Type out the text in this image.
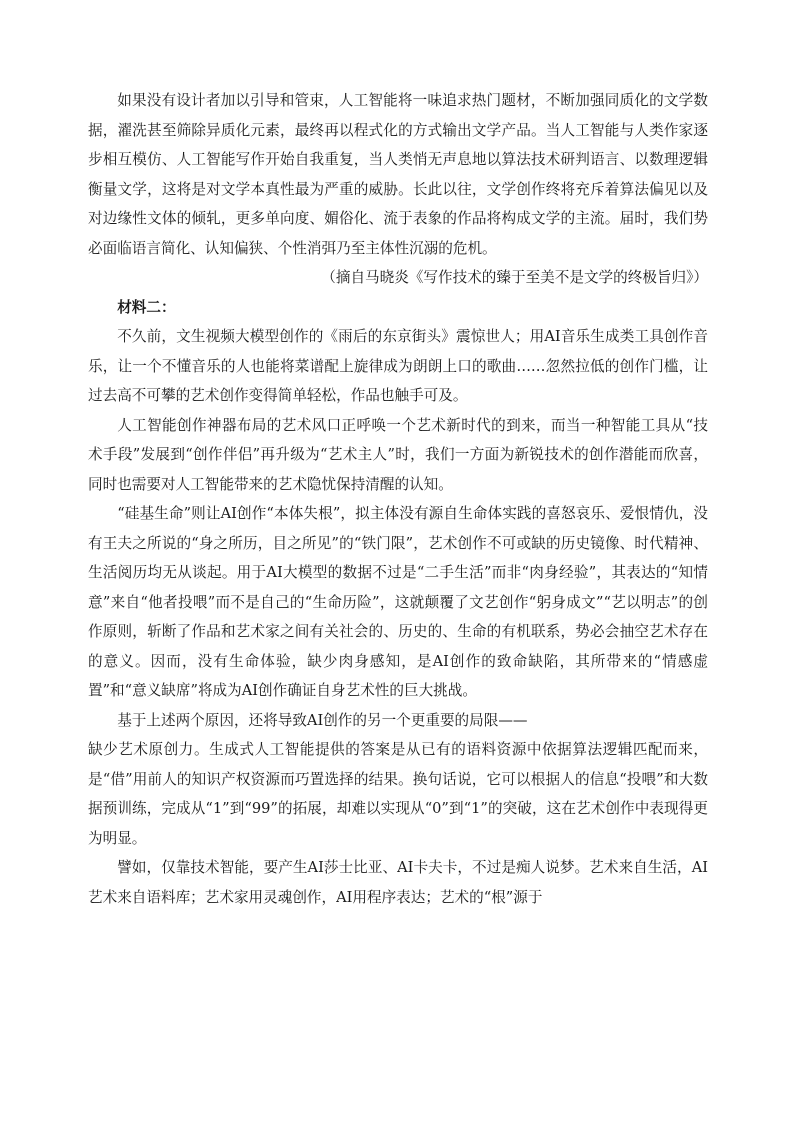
如果没有设计者加以引导和管束，人工智能将一味追求热门题材，不断加强同质化的文学数据，濯洗甚至筛除异质化元素，最终再以程式化的方式输出文学产品。当人工智能与人类作家逐步相互模仿、人工智能写作开始自我重复，当人类悄无声息地以算法技术研判语言、以数理逻辑衡量文学，这将是对文学本真性最为严重的威胁。长此以往，文学创作终将充斥着算法偏见以及对边缘性文体的倾轧，更多单向度、媚俗化、流于表象的作品将构成文学的主流。届时，我们势必面临语言简化、认知偏狭、个性消弭乃至主体性沉溺的危机。

（摘自马晓炎《写作技术的臻于至美不是文学的终极旨归》）

材料二：

不久前，文生视频大模型创作的《雨后的东京街头》震惊世人；用AI音乐生成类工具创作音乐，让一个不懂音乐的人也能将菜谱配上旋律成为朗朗上口的歌曲……忽然拉低的创作门槛，让过去高不可攀的艺术创作变得简单轻松，作品也触手可及。

人工智能创作神器布局的艺术风口正呼唤一个艺术新时代的到来，而当一种智能工具从“技术手段”发展到“创作伴侣”再升级为“艺术主人”时，我们一方面为新锐技术的创作潜能而欣喜，同时也需要对人工智能带来的艺术隐忧保持清醒的认知。

“硅基生命”则让AI创作“本体失根”，拟主体没有源自生命体实践的喜怒哀乐、爱恨情仇，没有王夫之所说的“身之所历，目之所见”的“铁门限”，艺术创作不可或缺的历史镜像、时代精神、生活阅历均无从谈起。用于AI大模型的数据不过是“二手生活”而非“肉身经验”，其表达的“知情意”来自“他者投喂”而不是自己的“生命历险”，这就颠覆了文艺创作“躬身成文”“艺以明志”的创作原则，斩断了作品和艺术家之间有关社会的、历史的、生命的有机联系，势必会抽空艺术存在的意义。因而，没有生命体验，缺少肉身感知，是AI创作的致命缺陷，其所带来的“情感虚置”和“意义缺席”将成为AI创作确证自身艺术性的巨大挑战。

基于上述两个原因，还将导致AI创作的另一个更重要的局限——

缺少艺术原创力。生成式人工智能提供的答案是从已有的语料资源中依据算法逻辑匹配而来，是“借”用前人的知识产权资源而巧置选择的结果。换句话说，它可以根据人的信息“投喂”和大数据预训练，完成从“1”到“99”的拓展，却难以实现从“0”到“1”的突破，这在艺术创作中表现得更为明显。

譬如，仅靠技术智能，要产生AI莎士比亚、AI卡夫卡，不过是痴人说梦。艺术来自生活，AI艺术来自语料库；艺术家用灵魂创作，AI用程序表达；艺术的“根”源于
